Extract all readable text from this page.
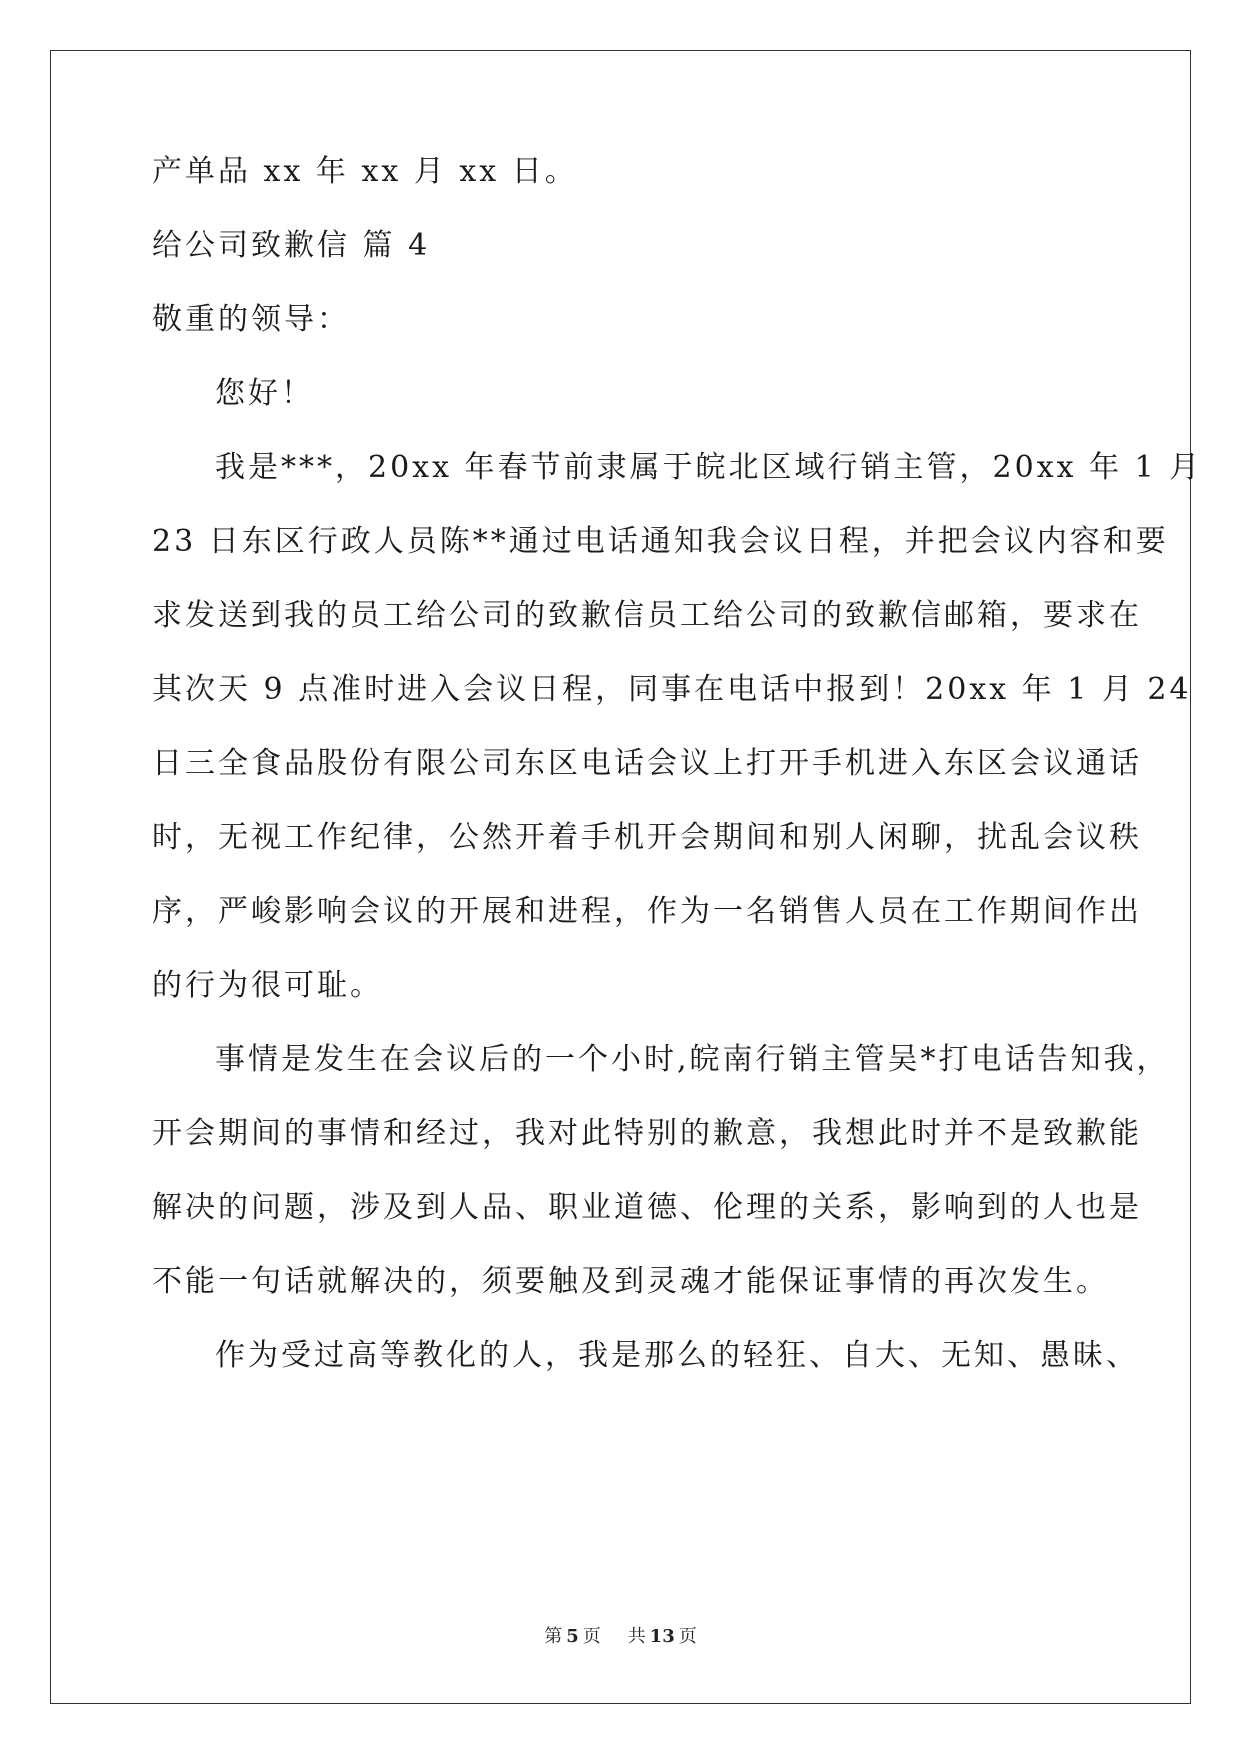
产单品 xx 年 xx 月 xx 日。
给公司致歉信 篇 4
敬重的领导：
您好！
我是***，20xx 年春节前隶属于皖北区域行销主管，20xx 年 1 月
23 日东区行政人员陈**通过电话通知我会议日程，并把会议内容和要
求发送到我的员工给公司的致歉信员工给公司的致歉信邮箱，要求在
其次天 9 点准时进入会议日程，同事在电话中报到！20xx 年 1 月 24
日三全食品股份有限公司东区电话会议上打开手机进入东区会议通话
时，无视工作纪律，公然开着手机开会期间和别人闲聊，扰乱会议秩
序，严峻影响会议的开展和进程，作为一名销售人员在工作期间作出
的行为很可耻。
事情是发生在会议后的一个小时,皖南行销主管吴*打电话告知我，
开会期间的事情和经过，我对此特别的歉意，我想此时并不是致歉能
解决的问题，涉及到人品、职业道德、伦理的关系，影响到的人也是
不能一句话就解决的，须要触及到灵魂才能保证事情的再次发生。
作为受过高等教化的人，我是那么的轻狂、自大、无知、愚昧、
第 5 页 共 13 页
